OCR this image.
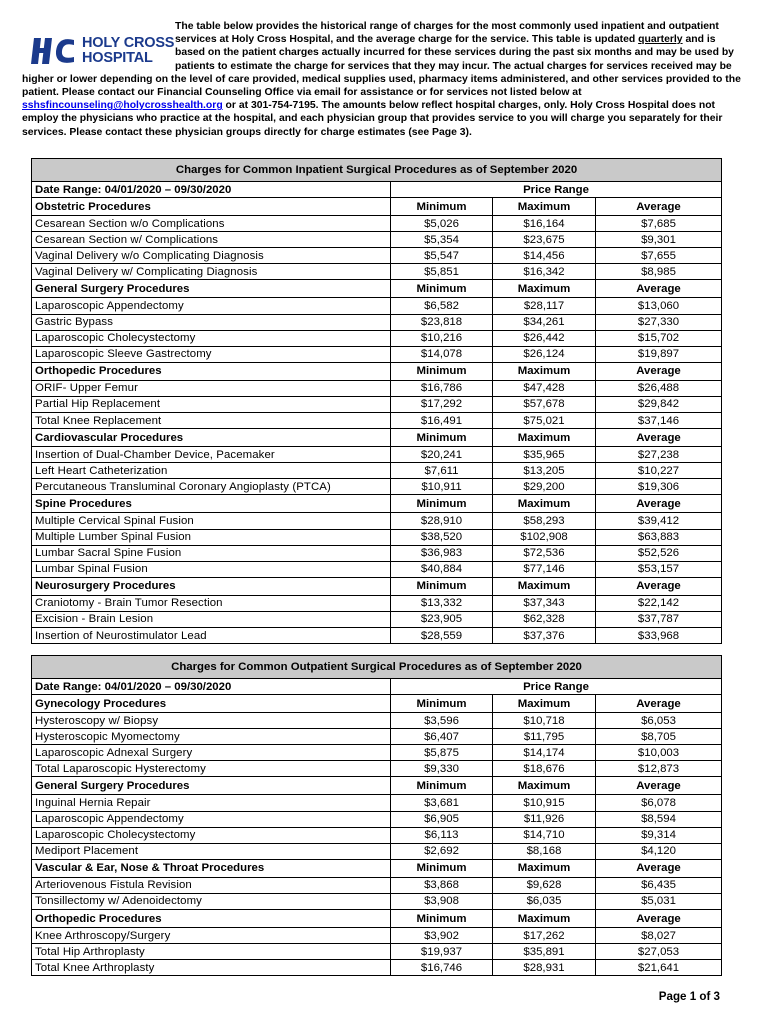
HOLY CROSS
HOSPITAL
The table below provides the historical range of charges for the most commonly used inpatient and outpatient services at Holy Cross Hospital, and the average charge for the service. This table is updated quarterly and is based on the patient charges actually incurred for these services during the past six months and may be used by patients to estimate the charge for services that they may incur. The actual charges for services received may be higher or lower depending on the level of care provided, medical supplies used, pharmacy items administered, and other services provided to the patient. Please contact our Financial Counseling Office via email for assistance or for services not listed below at sshsfincounseling@holycrosshealth.org or at 301-754-7195. The amounts below reflect hospital charges, only. Holy Cross Hospital does not employ the physicians who practice at the hospital, and each physician group that provides service to you will charge you separately for their services. Please contact these physician groups directly for charge estimates (see Page 3).
Charges for Common Inpatient Surgical Procedures as of September 2020			
Date Range: 04/01/2020 – 09/30/2020	Price Range		
Obstetric Procedures	Minimum	Maximum	Average
Cesarean Section w/o Complications	$5,026	$16,164	$7,685
Cesarean Section w/ Complications	$5,354	$23,675	$9,301
Vaginal Delivery w/o Complicating Diagnosis	$5,547	$14,456	$7,655
Vaginal Delivery w/ Complicating Diagnosis	$5,851	$16,342	$8,985
General Surgery Procedures	Minimum	Maximum	Average
Laparoscopic Appendectomy	$6,582	$28,117	$13,060
Gastric Bypass	$23,818	$34,261	$27,330
Laparoscopic Cholecystectomy	$10,216	$26,442	$15,702
Laparoscopic Sleeve Gastrectomy	$14,078	$26,124	$19,897
Orthopedic Procedures	Minimum	Maximum	Average
ORIF- Upper Femur	$16,786	$47,428	$26,488
Partial Hip Replacement	$17,292	$57,678	$29,842
Total Knee Replacement	$16,491	$75,021	$37,146
Cardiovascular Procedures	Minimum	Maximum	Average
Insertion of Dual-Chamber Device, Pacemaker	$20,241	$35,965	$27,238
Left Heart Catheterization	$7,611	$13,205	$10,227
Percutaneous Transluminal Coronary Angioplasty (PTCA)	$10,911	$29,200	$19,306
Spine Procedures	Minimum	Maximum	Average
Multiple Cervical Spinal Fusion	$28,910	$58,293	$39,412
Multiple Lumber Spinal Fusion	$38,520	$102,908	$63,883
Lumbar Sacral Spine Fusion	$36,983	$72,536	$52,526
Lumbar Spinal Fusion	$40,884	$77,146	$53,157
Neurosurgery Procedures	Minimum	Maximum	Average
Craniotomy - Brain Tumor Resection	$13,332	$37,343	$22,142
Excision - Brain Lesion	$23,905	$62,328	$37,787
Insertion of Neurostimulator Lead	$28,559	$37,376	$33,968
Charges for Common Outpatient Surgical Procedures as of September 2020			
Date Range: 04/01/2020 – 09/30/2020	Price Range		
Gynecology Procedures	Minimum	Maximum	Average
Hysteroscopy w/ Biopsy	$3,596	$10,718	$6,053
Hysteroscopic Myomectomy	$6,407	$11,795	$8,705
Laparoscopic Adnexal Surgery	$5,875	$14,174	$10,003
Total Laparoscopic Hysterectomy	$9,330	$18,676	$12,873
General Surgery Procedures	Minimum	Maximum	Average
Inguinal Hernia Repair	$3,681	$10,915	$6,078
Laparoscopic Appendectomy	$6,905	$11,926	$8,594
Laparoscopic Cholecystectomy	$6,113	$14,710	$9,314
Mediport Placement	$2,692	$8,168	$4,120
Vascular & Ear, Nose & Throat Procedures	Minimum	Maximum	Average
Arteriovenous Fistula Revision	$3,868	$9,628	$6,435
Tonsillectomy w/ Adenoidectomy	$3,908	$6,035	$5,031
Orthopedic Procedures	Minimum	Maximum	Average
Knee Arthroscopy/Surgery	$3,902	$17,262	$8,027
Total Hip Arthroplasty	$19,937	$35,891	$27,053
Total Knee Arthroplasty	$16,746	$28,931	$21,641
Page 1 of 3
